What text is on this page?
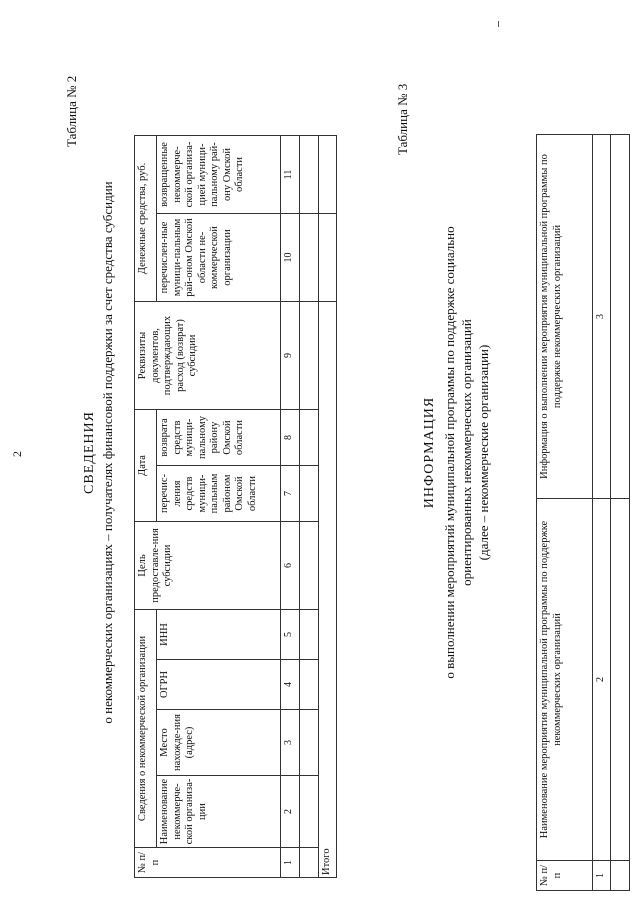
2
Таблица № 2
СВЕДЕНИЯ о некоммерческих организациях – получателях финансовой поддержки за счет средства субсидии
№ п/п	Сведения о некоммерческой организации				Цель предоставле-ния субсидии	Дата		Реквизиты документов, подтверждающих расход (возврат) субсидии	Денежные средства, руб.	
	Наименование некоммерче-ской организа-ции	Место нахожде-ния (адрес)	ОГРН	ИНН		перечис-ления средств муници-пальным районом Омской области	возврата средств муници-пальному району Омской области		перечислен-ные муници-пальным рай-оном Омской области не-коммерческой организации	возвращенные некоммерче-ской организа-цией муници-пальному рай-ону Омской области
1	2	3	4	5	6	7	8	9	10	11

Итого										
Таблица № 3
ИНФОРМАЦИЯ о выполнении мероприятий муниципальной программы по поддержке социально ориентированных некоммерческих организаций (далее – некоммерческие организации)
№ п/п	Наименование мероприятия муниципальной программы по поддержке некоммерческих организаций	Информация о выполнении мероприятия муниципальной программы по поддержке некоммерческих организаций
1	2	3
